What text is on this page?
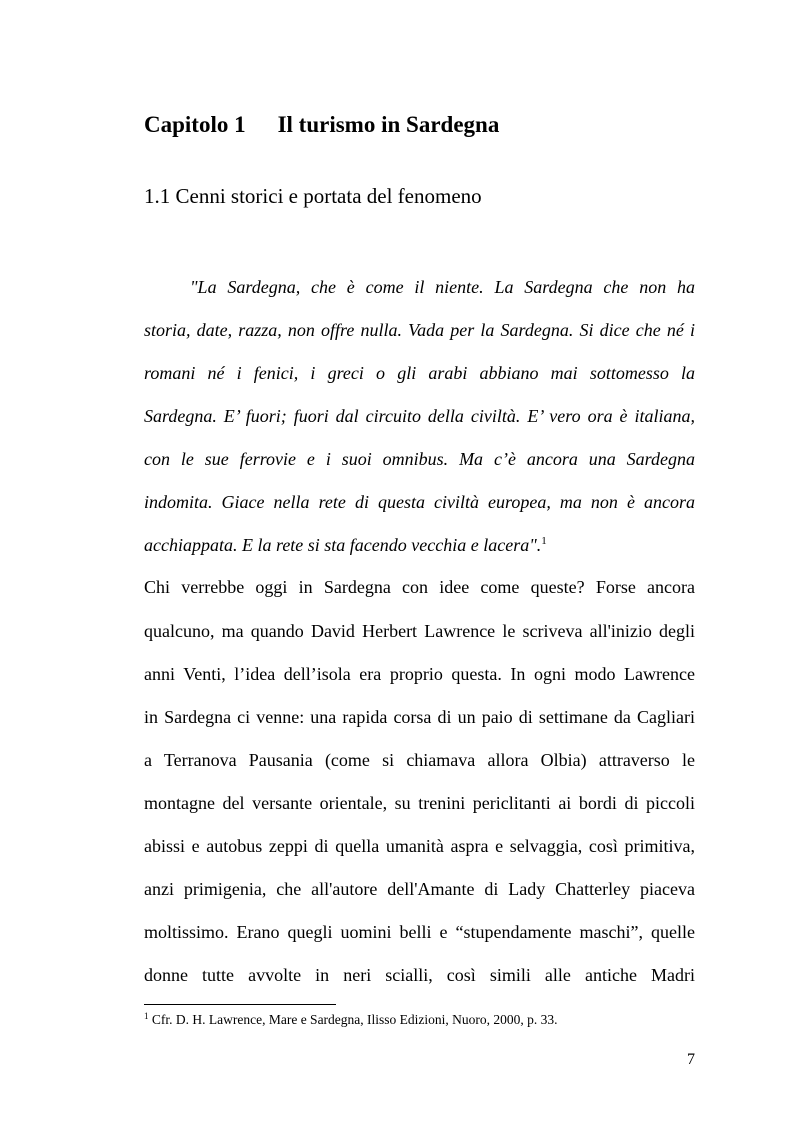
Capitolo 1 Il turismo in Sardegna
1.1 Cenni storici e portata del fenomeno
"La Sardegna, che è come il niente. La Sardegna che non ha
storia, date, razza, non offre nulla. Vada per la Sardegna. Si dice che né i
romani né i fenici, i greci o gli arabi abbiano mai sottomesso la
Sardegna. E’ fuori; fuori dal circuito della civiltà. E’ vero ora è italiana,
con le sue ferrovie e i suoi omnibus. Ma c’è ancora una Sardegna
indomita. Giace nella rete di questa civiltà europea, ma non è ancora
acchiappata. E la rete si sta facendo vecchia e lacera".$^1$
Chi verrebbe oggi in Sardegna con idee come queste? Forse ancora
qualcuno, ma quando David Herbert Lawrence le scriveva all'inizio degli
anni Venti, l’idea dell’isola era proprio questa. In ogni modo Lawrence
in Sardegna ci venne: una rapida corsa di un paio di settimane da Cagliari
a Terranova Pausania (come si chiamava allora Olbia) attraverso le
montagne del versante orientale, su trenini periclitanti ai bordi di piccoli
abissi e autobus zeppi di quella umanità aspra e selvaggia, così primitiva,
anzi primigenia, che all'autore dell'Amante di Lady Chatterley piaceva
moltissimo. Erano quegli uomini belli e “stupendamente maschi”, quelle
donne tutte avvolte in neri scialli, così simili alle antiche Madri
$^1$ Cfr. D. H. Lawrence, Mare e Sardegna, Ilisso Edizioni, Nuoro, 2000, p. 33.
7
